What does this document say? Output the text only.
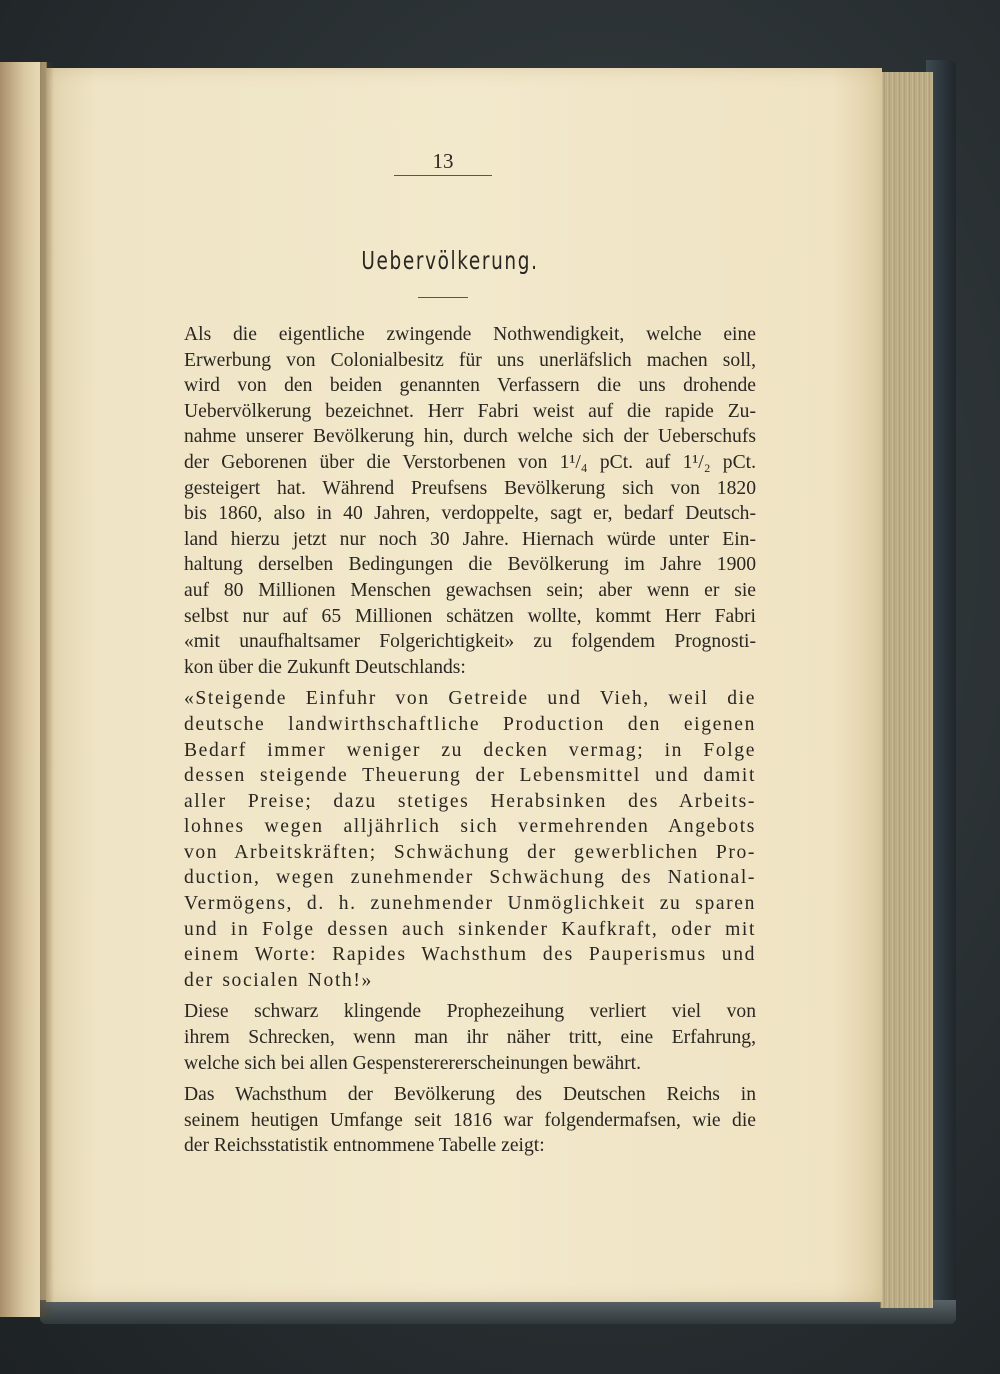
13
Uebervölkerung.

Als die eigentliche zwingende Nothwendigkeit, welche eine
Erwerbung von Colonialbesitz für uns unerläfslich machen soll,
wird von den beiden genannten Verfassern die uns drohende
Uebervölkerung bezeichnet. Herr Fabri weist auf die rapide Zu-
nahme unserer Bevölkerung hin, durch welche sich der Ueberschufs
der Geborenen über die Verstorbenen von 1¹/₄ pCt. auf 1¹/₂ pCt.
gesteigert hat. Während Preufsens Bevölkerung sich von 1820
bis 1860, also in 40 Jahren, verdoppelte, sagt er, bedarf Deutsch-
land hierzu jetzt nur noch 30 Jahre. Hiernach würde unter Ein-
haltung derselben Bedingungen die Bevölkerung im Jahre 1900
auf 80 Millionen Menschen gewachsen sein; aber wenn er sie
selbst nur auf 65 Millionen schätzen wollte, kommt Herr Fabri
«mit unaufhaltsamer Folgerichtigkeit» zu folgendem Prognosti-
kon über die Zukunft Deutschlands:

«Steigende Einfuhr von Getreide und Vieh, weil die
deutsche landwirthschaftliche Production den eigenen
Bedarf immer weniger zu decken vermag; in Folge
dessen steigende Theuerung der Lebensmittel und damit
aller Preise; dazu stetiges Herabsinken des Arbeits-
lohnes wegen alljährlich sich vermehrenden Angebots
von Arbeitskräften; Schwächung der gewerblichen Pro-
duction, wegen zunehmender Schwächung des National-
Vermögens, d. h. zunehmender Unmöglichkeit zu sparen
und in Folge dessen auch sinkender Kaufkraft, oder mit
einem Worte: Rapides Wachsthum des Pauperismus und
der socialen Noth!»

Diese schwarz klingende Prophezeihung verliert viel von
ihrem Schrecken, wenn man ihr näher tritt, eine Erfahrung,
welche sich bei allen Gespensterererscheinungen bewährt.

Das Wachsthum der Bevölkerung des Deutschen Reichs in
seinem heutigen Umfange seit 1816 war folgendermafsen, wie die
der Reichsstatistik entnommene Tabelle zeigt:
